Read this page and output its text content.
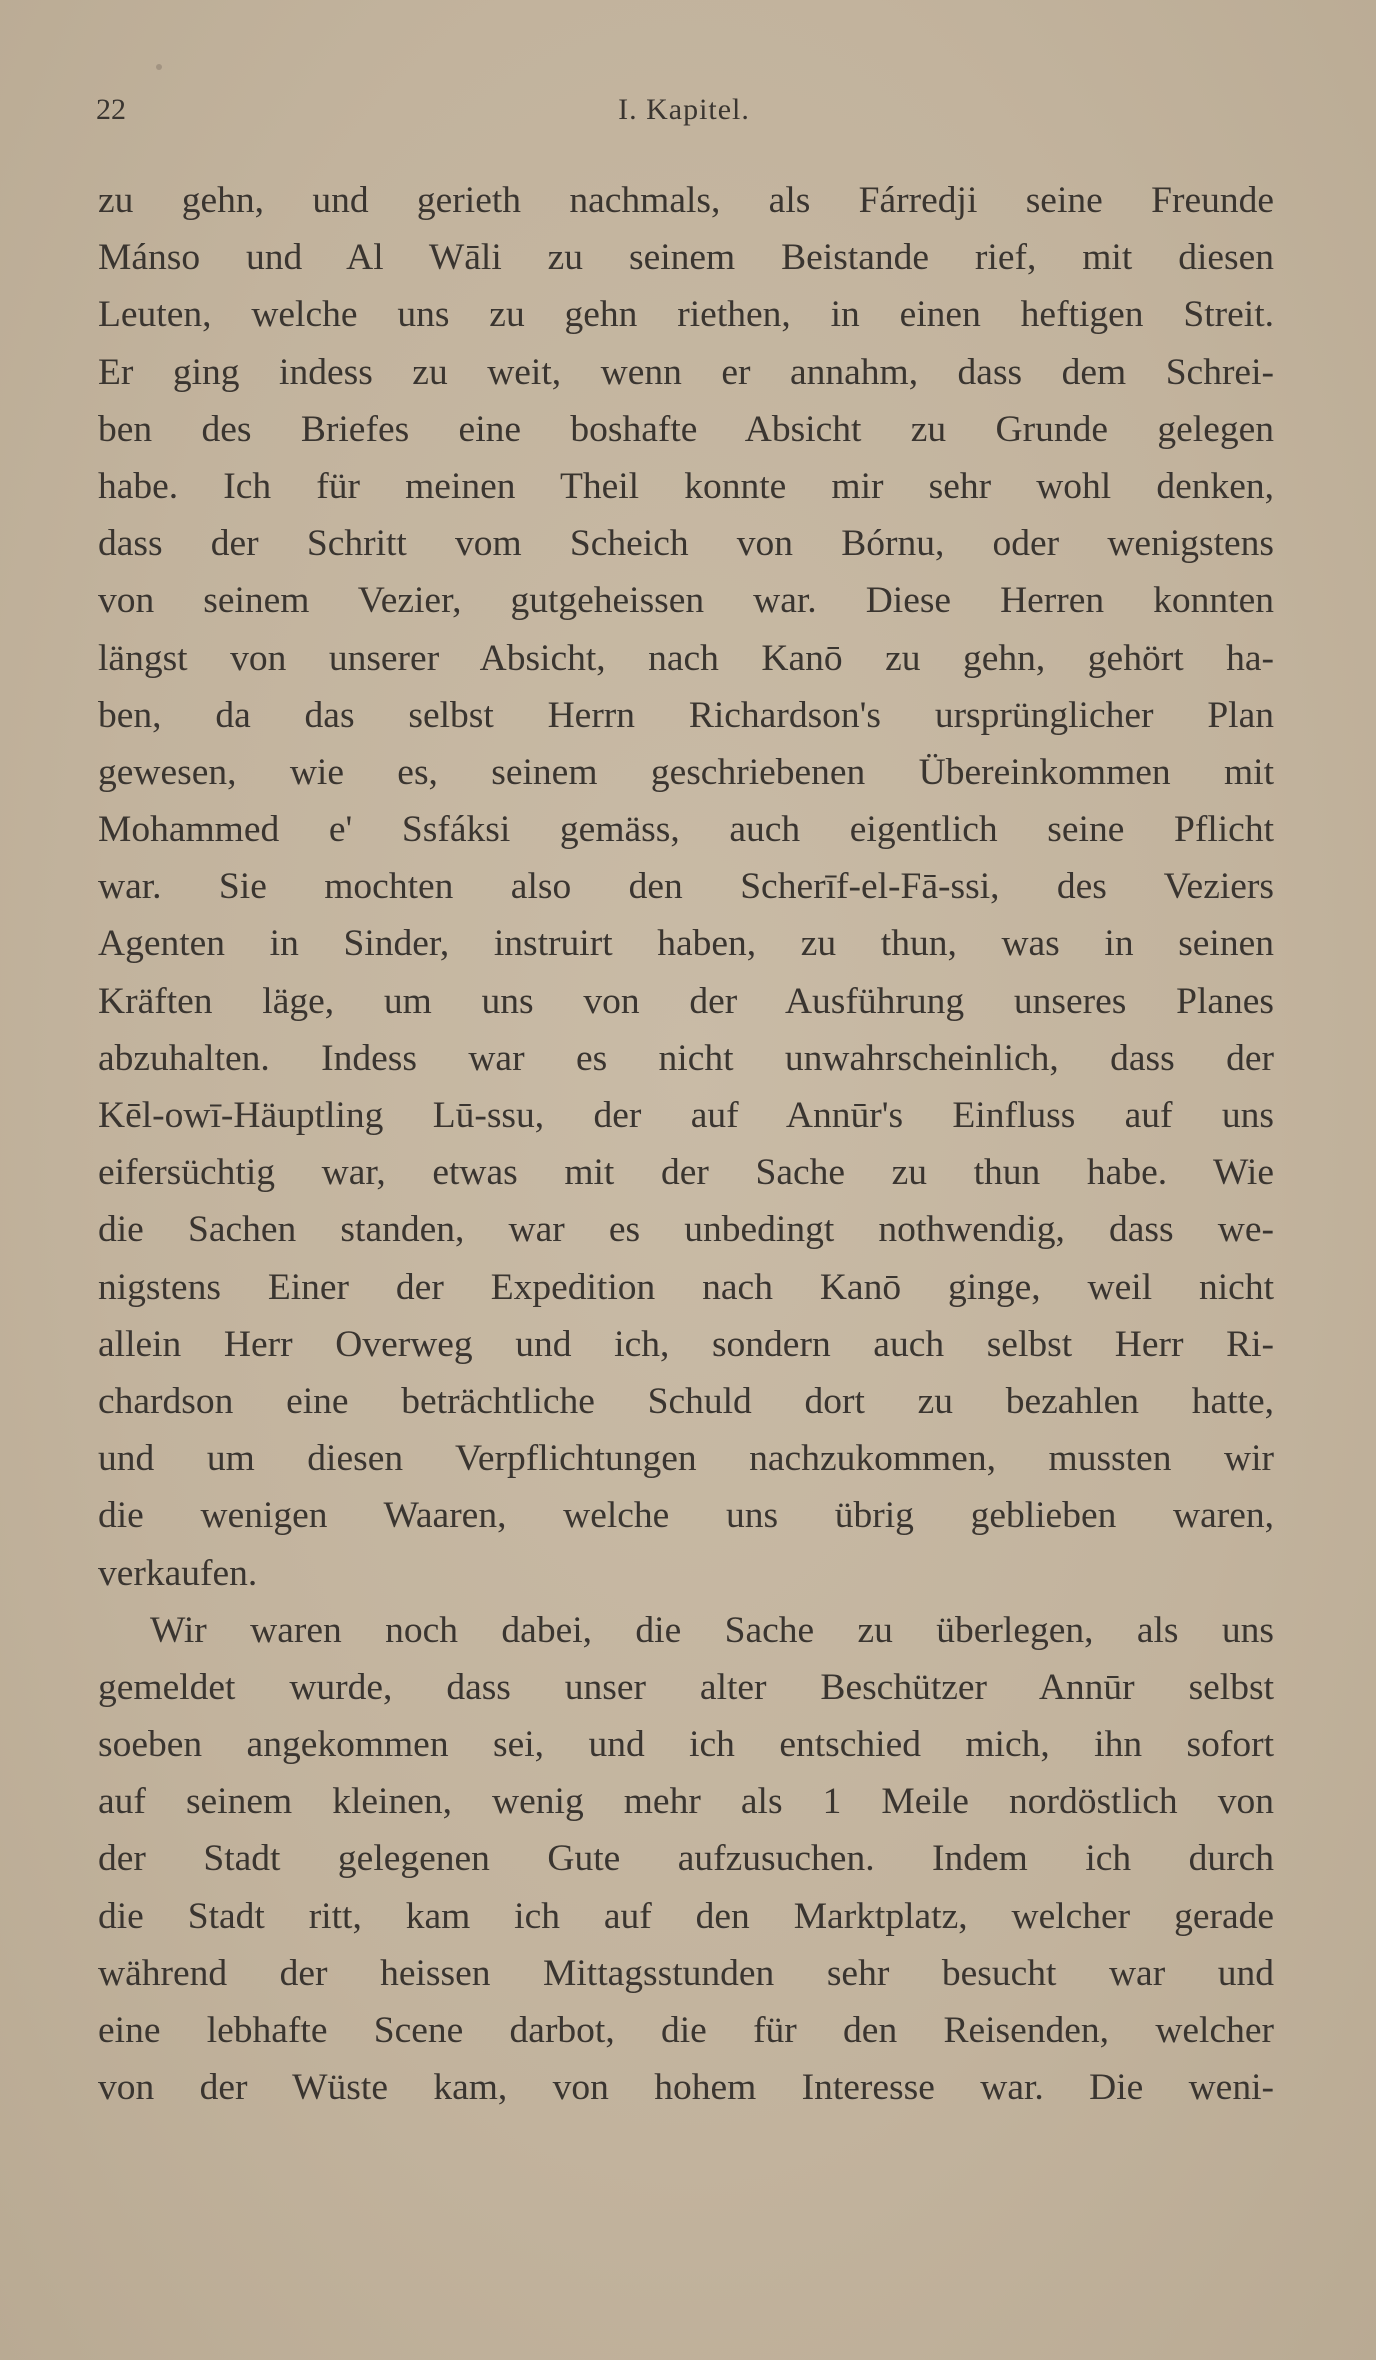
22	I. Kapitel.
zu gehn, und gerieth nachmals, als Fárredji seine Freunde
Mánso und Al Wāli zu seinem Beistande rief, mit diesen
Leuten, welche uns zu gehn riethen, in einen heftigen Streit.
Er ging indess zu weit, wenn er annahm, dass dem Schrei-
ben des Briefes eine boshafte Absicht zu Grunde gelegen
habe. Ich für meinen Theil konnte mir sehr wohl denken,
dass der Schritt vom Scheich von Bórnu, oder wenigstens
von seinem Vezier, gutgeheissen war. Diese Herren konnten
längst von unserer Absicht, nach Kanō zu gehn, gehört ha-
ben, da das selbst Herrn Richardson's ursprünglicher Plan
gewesen, wie es, seinem geschriebenen Übereinkommen mit
Mohammed e' Ssfáksi gemäss, auch eigentlich seine Pflicht
war. Sie mochten also den Scherīf-el-Fā-ssi, des Veziers
Agenten in Sinder, instruirt haben, zu thun, was in seinen
Kräften läge, um uns von der Ausführung unseres Planes
abzuhalten. Indess war es nicht unwahrscheinlich, dass der
Kēl-owī-Häuptling Lū-ssu, der auf Annūr's Einfluss auf uns
eifersüchtig war, etwas mit der Sache zu thun habe. Wie
die Sachen standen, war es unbedingt nothwendig, dass we-
nigstens Einer der Expedition nach Kanō ginge, weil nicht
allein Herr Overweg und ich, sondern auch selbst Herr Ri-
chardson eine beträchtliche Schuld dort zu bezahlen hatte,
und um diesen Verpflichtungen nachzukommen, mussten wir
die wenigen Waaren, welche uns übrig geblieben waren,
verkaufen.
Wir waren noch dabei, die Sache zu überlegen, als uns
gemeldet wurde, dass unser alter Beschützer Annūr selbst
soeben angekommen sei, und ich entschied mich, ihn sofort
auf seinem kleinen, wenig mehr als 1 Meile nordöstlich von
der Stadt gelegenen Gute aufzusuchen. Indem ich durch
die Stadt ritt, kam ich auf den Marktplatz, welcher gerade
während der heissen Mittagsstunden sehr besucht war und
eine lebhafte Scene darbot, die für den Reisenden, welcher
von der Wüste kam, von hohem Interesse war. Die weni-
